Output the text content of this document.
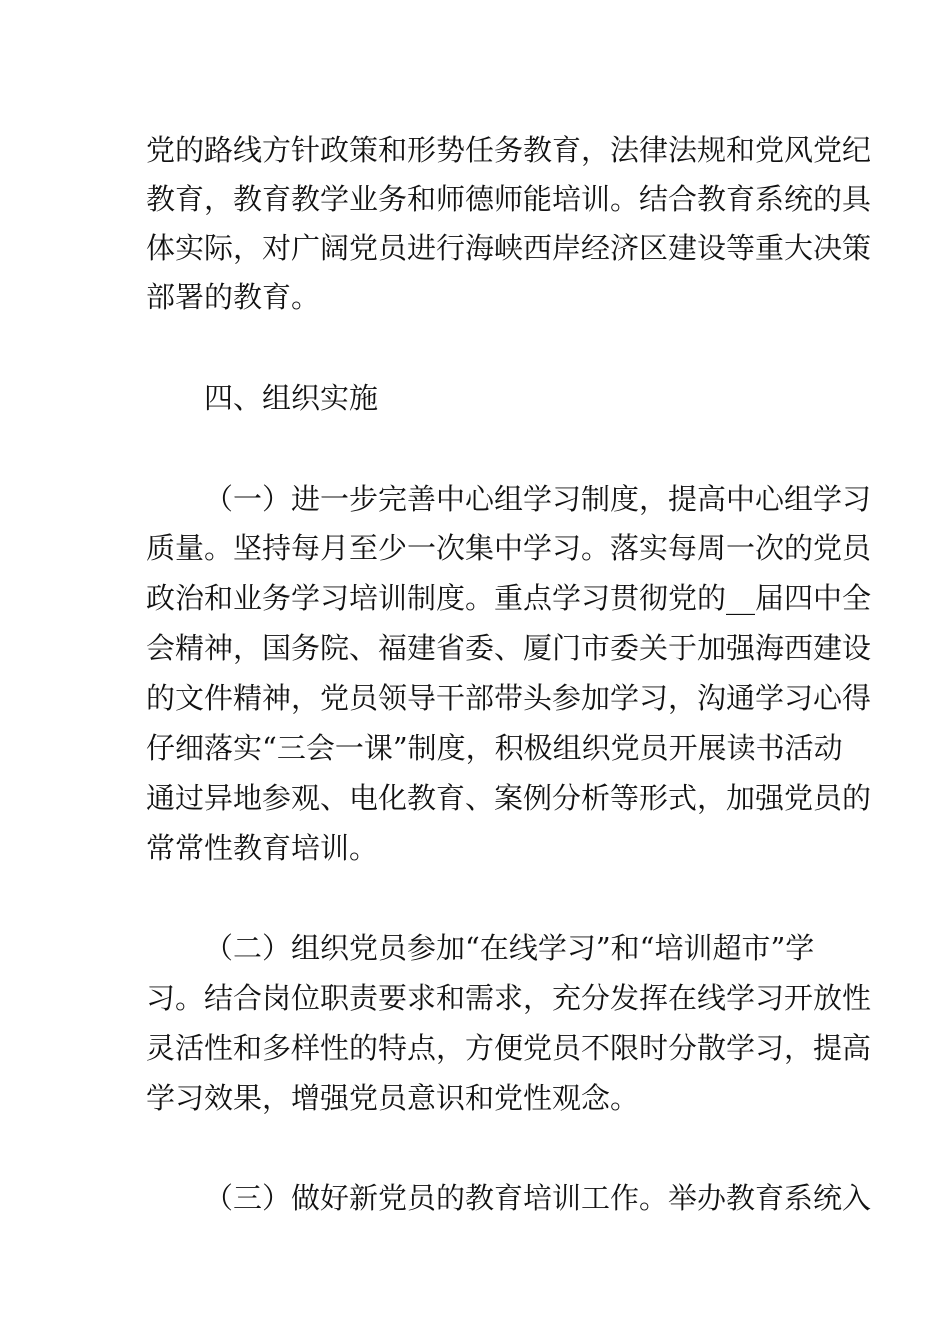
党的路线方针政策和形势任务教育，法律法规和党风党纪

教育，教育教学业务和师德师能培训。结合教育系统的具

体实际，对广阔党员进行海峡西岸经济区建设等重大决策

部署的教育。

四、组织实施

（一）进一步完善中心组学习制度，提高中心组学习

质量。坚持每月至少一次集中学习。落实每周一次的党员

政治和业务学习培训制度。重点学习贯彻党的__届四中全

会精神，国务院、福建省委、厦门市委关于加强海西建设

的文件精神，党员领导干部带头参加学习，沟通学习心得

仔细落实“三会一课”制度，积极组织党员开展读书活动

通过异地参观、电化教育、案例分析等形式，加强党员的

常常性教育培训。

（二）组织党员参加“在线学习”和“培训超市”学

习。结合岗位职责要求和需求，充分发挥在线学习开放性

灵活性和多样性的特点，方便党员不限时分散学习，提高

学习效果，增强党员意识和党性观念。

（三）做好新党员的教育培训工作。举办教育系统入
